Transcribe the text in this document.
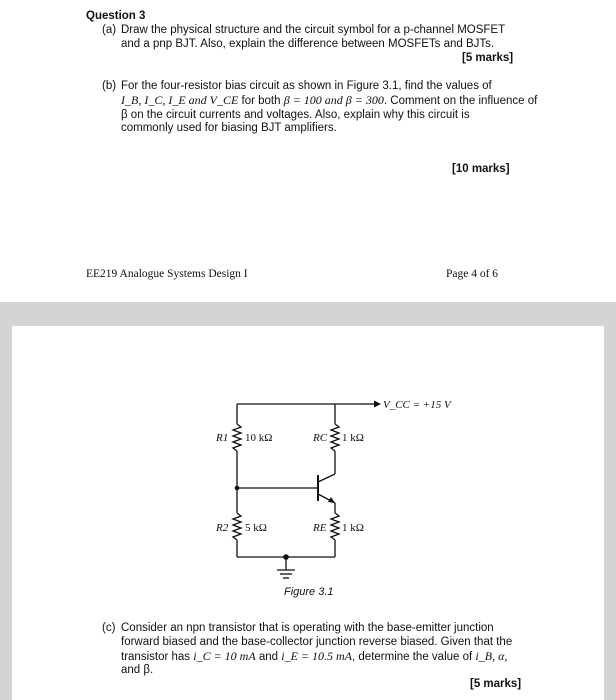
Question 3
(a) Draw the physical structure and the circuit symbol for a p-channel MOSFET
and a pnp BJT. Also, explain the difference between MOSFETs and BJTs.
[5 marks]
(b) For the four-resistor bias circuit as shown in Figure 3.1, find the values of
I_B, I_C, I_E and V_CE for both β = 100 and β = 300. Comment on the influence of
β on the circuit currents and voltages. Also, explain why this circuit is
commonly used for biasing BJT amplifiers.
[10 marks]
EE219 Analogue Systems Design I	Page 4 of 6
V_CC = +15 V
R1 10 kΩ	RC 1 kΩ
R2 5 kΩ	RE 1 kΩ
Figure 3.1
(c) Consider an npn transistor that is operating with the base-emitter junction
forward biased and the base-collector junction reverse biased. Given that the
transistor has i_C = 10 mA and i_E = 10.5 mA, determine the value of i_B, α,
and β.
[5 marks]
